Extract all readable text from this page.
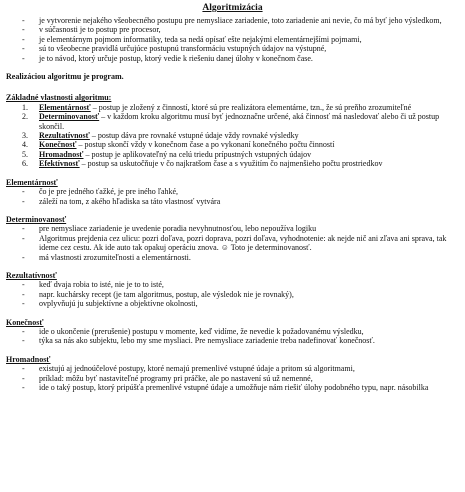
Algoritmizácia
- je vytvorenie nejakého všeobecného postupu pre nemysliace zariadenie, toto zariadenie ani nevie, čo má byť jeho výsledkom,
- v súčasnosti je to postup pre procesor,
- je elementárnym pojmom informatiky, teda sa nedá opísať ešte nejakými elementárnejšími pojmami,
- sú to všeobecne pravidlá určujúce postupnú transformáciu vstupných údajov na výstupné,
- je to návod, ktorý určuje postup, ktorý vedie k riešeniu danej úlohy v konečnom čase.

Realizáciou algoritmu je program.

Základné vlastnosti algoritmu:

1. Elementárnosť – postup je zložený z činností, ktoré sú pre realizátora elementárne, tzn., že sú preňho zrozumiteľné
2. Determinovanosť – v každom kroku algoritmu musí byť jednoznačne určené, aká činnosť má nasledovať alebo či už postup skončil.
3. Rezultatívnosť – postup dáva pre rovnaké vstupné údaje vždy rovnaké výsledky
4. Konečnosť – postup skončí vždy v konečnom čase a po vykonaní konečného počtu činností
5. Hromadnosť – postup je aplikovateľný na celú triedu prípustných vstupných údajov
6. Efektívnosť – postup sa uskutočňuje v čo najkratšom čase a s využitím čo najmenšieho počtu prostriedkov

Elementárnosť

- čo je pre jedného ťažké, je pre iného ľahké,
- záleží na tom, z akého hľadiska sa táto vlastnosť vytvára

Determinovanosť

- pre nemysliace zariadenie je uvedenie poradia nevyhnutnosťou, lebo nepoužíva logiku
- Algoritmus prejdenia cez ulicu: pozri doľava, pozri doprava, pozri doľava, vyhodnotenie: ak nejde nič ani zľava ani sprava, tak ideme cez cestu. Ak ide auto tak opakuj operáciu znova. ☺ Toto je determinovanosť.
- má vlastnosti zrozumiteľnosti a elementárnosti.

Rezultatívnosť

- keď dvaja robia to isté, nie je to to isté,
- napr. kuchársky recept (je tam algoritmus, postup, ale výsledok nie je rovnaký),
- ovplyvňujú ju subjektívne a objektívne okolnosti,

Konečnosť

- ide o ukončenie (prerušenie) postupu v momente, keď vidíme, že nevedie k požadovanému výsledku,
- týka sa nás ako subjektu, lebo my sme mysliaci. Pre nemysliace zariadenie treba nadefinovať konečnosť.

Hromadnosť

- existujú aj jednoúčelové postupy, ktoré nemajú premenlivé vstupné údaje a pritom sú algoritmami,
- príklad: môžu byť nastaviteľné programy pri práčke, ale po nastavení sú už nemenné,
- ide o taký postup, ktorý pripúšťa premenlivé vstupné údaje a umožňuje nám riešiť úlohy podobného typu, napr. násobilka
